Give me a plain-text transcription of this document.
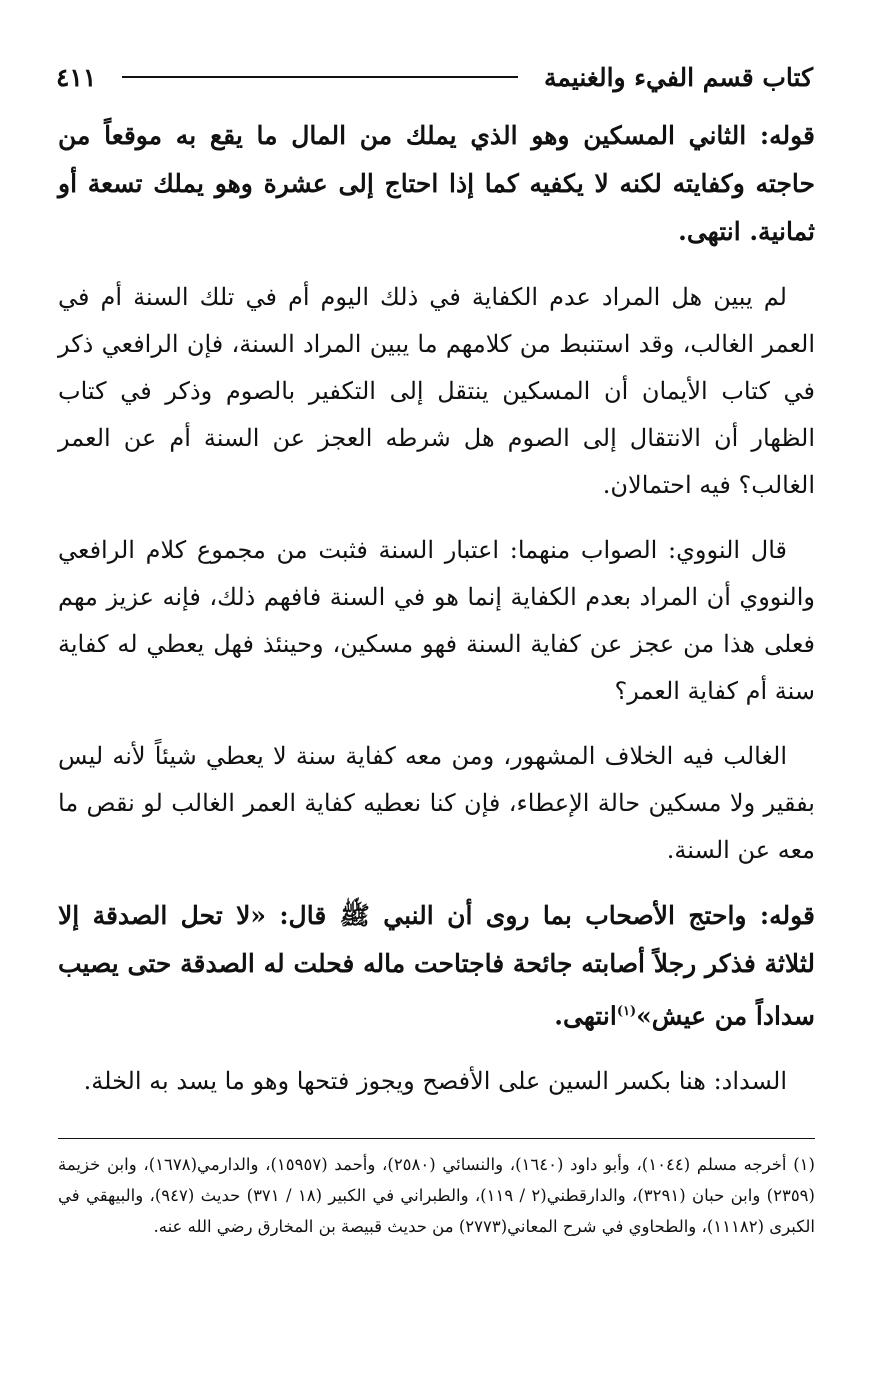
كتاب قسم الفيء والغنيمة
٤١١

قوله: الثاني المسكين وهو الذي يملك من المال ما يقع به موقعاً من حاجته وكفايته لكنه لا يكفيه كما إذا احتاج إلى عشرة وهو يملك تسعة أو ثمانية. انتهى.

لم يبين هل المراد عدم الكفاية في ذلك اليوم أم في تلك السنة أم في العمر الغالب، وقد استنبط من كلامهم ما يبين المراد السنة، فإن الرافعي ذكر في كتاب الأيمان أن المسكين ينتقل إلى التكفير بالصوم وذكر في كتاب الظهار أن الانتقال إلى الصوم هل شرطه العجز عن السنة أم عن العمر الغالب؟ فيه احتمالان.

قال النووي: الصواب منهما: اعتبار السنة فثبت من مجموع كلام الرافعي والنووي أن المراد بعدم الكفاية إنما هو في السنة فافهم ذلك، فإنه عزيز مهم فعلى هذا من عجز عن كفاية السنة فهو مسكين، وحينئذ فهل يعطي له كفاية سنة أم كفاية العمر؟

الغالب فيه الخلاف المشهور، ومن معه كفاية سنة لا يعطي شيئاً لأنه ليس بفقير ولا مسكين حالة الإعطاء، فإن كنا نعطيه كفاية العمر الغالب لو نقص ما معه عن السنة.

قوله: واحتج الأصحاب بما روى أن النبي ﷺ قال: «لا تحل الصدقة إلا لثلاثة فذكر رجلاً أصابته جائحة فاجتاحت ماله فحلت له الصدقة حتى يصيب سداداً من عيش»$^{(١)}$انتهى.

السداد: هنا بكسر السين على الأفصح ويجوز فتحها وهو ما يسد به الخلة.

(١) أخرجه مسلم (١٠٤٤)، وأبو داود (١٦٤٠)، والنسائي (٢٥٨٠)، وأحمد (١٥٩٥٧)، والدارمي(١٦٧٨)، وابن خزيمة (٢٣٥٩) وابن حبان (٣٢٩١)، والدارقطني(٢ / ١١٩)، والطبراني في الكبير (١٨ / ٣٧١) حديث (٩٤٧)، والبيهقي في الكبرى (١١١٨٢)، والطحاوي في شرح المعاني(٢٧٧٣) من حديث قبيصة بن المخارق رضي الله عنه.
